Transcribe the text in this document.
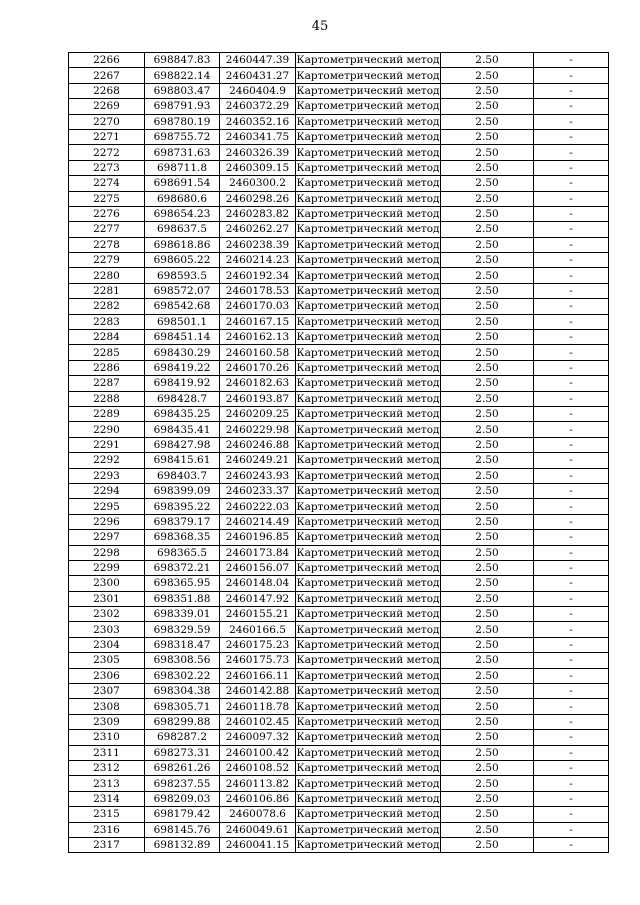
45
2266	698847.83	2460447.39	Картометрический метод	2.50	-
2267	698822.14	2460431.27	Картометрический метод	2.50	-
2268	698803.47	2460404.9	Картометрический метод	2.50	-
2269	698791.93	2460372.29	Картометрический метод	2.50	-
2270	698780.19	2460352.16	Картометрический метод	2.50	-
2271	698755.72	2460341.75	Картометрический метод	2.50	-
2272	698731.63	2460326.39	Картометрический метод	2.50	-
2273	698711.8	2460309.15	Картометрический метод	2.50	-
2274	698691.54	2460300.2	Картометрический метод	2.50	-
2275	698680.6	2460298.26	Картометрический метод	2.50	-
2276	698654.23	2460283.82	Картометрический метод	2.50	-
2277	698637.5	2460262.27	Картометрический метод	2.50	-
2278	698618.86	2460238.39	Картометрический метод	2.50	-
2279	698605.22	2460214.23	Картометрический метод	2.50	-
2280	698593.5	2460192.34	Картометрический метод	2.50	-
2281	698572.07	2460178.53	Картометрический метод	2.50	-
2282	698542.68	2460170.03	Картометрический метод	2.50	-
2283	698501.1	2460167.15	Картометрический метод	2.50	-
2284	698451.14	2460162.13	Картометрический метод	2.50	-
2285	698430.29	2460160.58	Картометрический метод	2.50	-
2286	698419.22	2460170.26	Картометрический метод	2.50	-
2287	698419.92	2460182.63	Картометрический метод	2.50	-
2288	698428.7	2460193.87	Картометрический метод	2.50	-
2289	698435.25	2460209.25	Картометрический метод	2.50	-
2290	698435.41	2460229.98	Картометрический метод	2.50	-
2291	698427.98	2460246.88	Картометрический метод	2.50	-
2292	698415.61	2460249.21	Картометрический метод	2.50	-
2293	698403.7	2460243.93	Картометрический метод	2.50	-
2294	698399.09	2460233.37	Картометрический метод	2.50	-
2295	698395.22	2460222.03	Картометрический метод	2.50	-
2296	698379.17	2460214.49	Картометрический метод	2.50	-
2297	698368.35	2460196.85	Картометрический метод	2.50	-
2298	698365.5	2460173.84	Картометрический метод	2.50	-
2299	698372.21	2460156.07	Картометрический метод	2.50	-
2300	698365.95	2460148.04	Картометрический метод	2.50	-
2301	698351.88	2460147.92	Картометрический метод	2.50	-
2302	698339.01	2460155.21	Картометрический метод	2.50	-
2303	698329.59	2460166.5	Картометрический метод	2.50	-
2304	698318.47	2460175.23	Картометрический метод	2.50	-
2305	698308.56	2460175.73	Картометрический метод	2.50	-
2306	698302.22	2460166.11	Картометрический метод	2.50	-
2307	698304.38	2460142.88	Картометрический метод	2.50	-
2308	698305.71	2460118.78	Картометрический метод	2.50	-
2309	698299.88	2460102.45	Картометрический метод	2.50	-
2310	698287.2	2460097.32	Картометрический метод	2.50	-
2311	698273.31	2460100.42	Картометрический метод	2.50	-
2312	698261.26	2460108.52	Картометрический метод	2.50	-
2313	698237.55	2460113.82	Картометрический метод	2.50	-
2314	698209.03	2460106.86	Картометрический метод	2.50	-
2315	698179.42	2460078.6	Картометрический метод	2.50	-
2316	698145.76	2460049.61	Картометрический метод	2.50	-
2317	698132.89	2460041.15	Картометрический метод	2.50	-
